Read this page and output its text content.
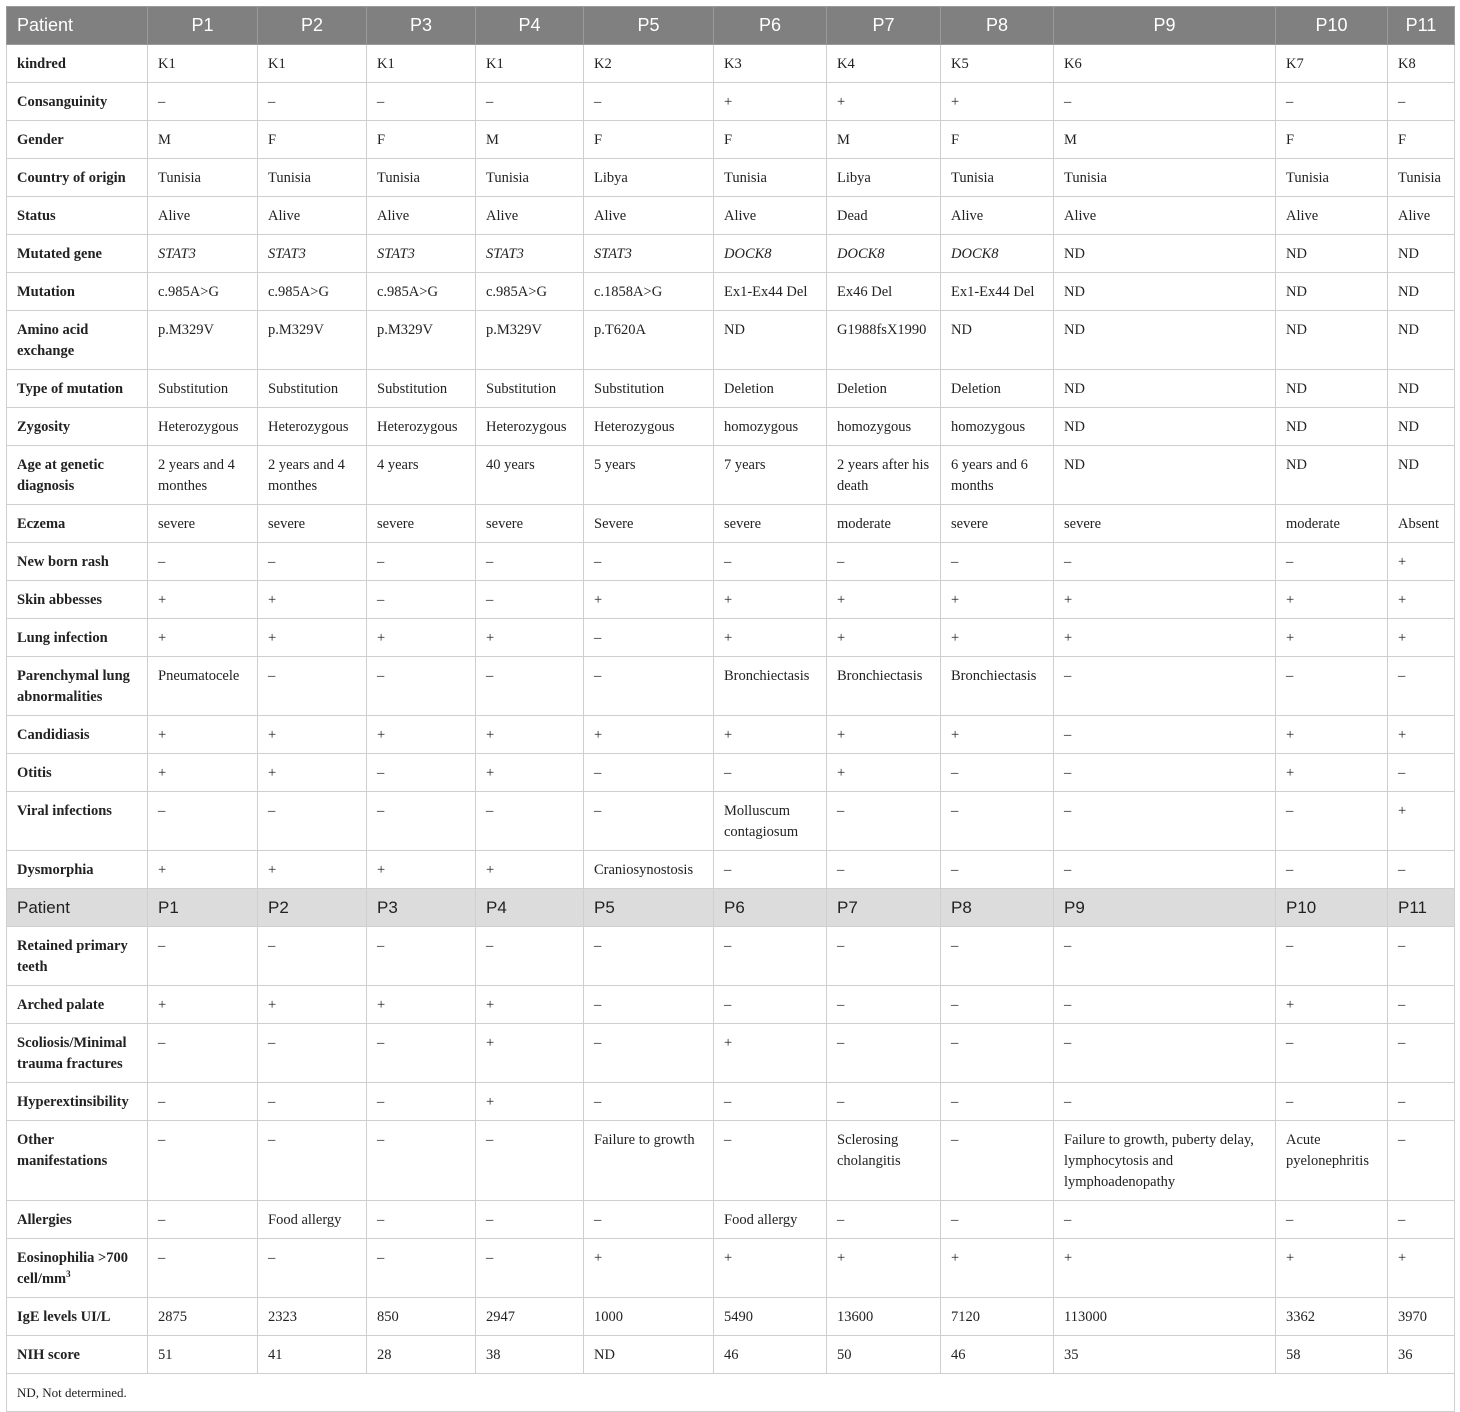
Patient	P1	P2	P3	P4	P5	P6	P7	P8	P9	P10	P11
kindred	K1	K1	K1	K1	K2	K3	K4	K5	K6	K7	K8
Consanguinity	–	–	–	–	–	+	+	+	–	–	–
Gender	M	F	F	M	F	F	M	F	M	F	F
Country of origin	Tunisia	Tunisia	Tunisia	Tunisia	Libya	Tunisia	Libya	Tunisia	Tunisia	Tunisia	Tunisia
Status	Alive	Alive	Alive	Alive	Alive	Alive	Dead	Alive	Alive	Alive	Alive
Mutated gene	STAT3	STAT3	STAT3	STAT3	STAT3	DOCK8	DOCK8	DOCK8	ND	ND	ND
Mutation	c.985A>G	c.985A>G	c.985A>G	c.985A>G	c.1858A>G	Ex1-Ex44 Del	Ex46 Del	Ex1-Ex44 Del	ND	ND	ND
Amino acid exchange	p.M329V	p.M329V	p.M329V	p.M329V	p.T620A	ND	G1988fsX1990	ND	ND	ND	ND
Type of mutation	Substitution	Substitution	Substitution	Substitution	Substitution	Deletion	Deletion	Deletion	ND	ND	ND
Zygosity	Heterozygous	Heterozygous	Heterozygous	Heterozygous	Heterozygous	homozygous	homozygous	homozygous	ND	ND	ND
Age at genetic diagnosis	2 years and 4 monthes	2 years and 4 monthes	4 years	40 years	5 years	7 years	2 years after his death	6 years and 6 months	ND	ND	ND
Eczema	severe	severe	severe	severe	Severe	severe	moderate	severe	severe	moderate	Absent
New born rash	–	–	–	–	–	–	–	–	–	–	+
Skin abbesses	+	+	–	–	+	+	+	+	+	+	+
Lung infection	+	+	+	+	–	+	+	+	+	+	+
Parenchymal lung abnormalities	Pneumatocele	–	–	–	–	Bronchiectasis	Bronchiectasis	Bronchiectasis	–	–	–
Candidiasis	+	+	+	+	+	+	+	+	–	+	+
Otitis	+	+	–	+	–	–	+	–	–	+	–
Viral infections	–	–	–	–	–	Molluscum contagiosum	–	–	–	–	+
Dysmorphia	+	+	+	+	Craniosynostosis	–	–	–	–	–	–
Patient	P1	P2	P3	P4	P5	P6	P7	P8	P9	P10	P11
Retained primary teeth	–	–	–	–	–	–	–	–	–	–	–
Arched palate	+	+	+	+	–	–	–	–	–	+	–
Scoliosis/Minimal trauma fractures	–	–	–	+	–	+	–	–	–	–	–
Hyperextinsibility	–	–	–	+	–	–	–	–	–	–	–
Other manifestations	–	–	–	–	Failure to growth	–	Sclerosing cholangitis	–	Failure to growth, puberty delay, lymphocytosis and lymphoadenopathy	Acute pyelonephritis	–
Allergies	–	Food allergy	–	–	–	Food allergy	–	–	–	–	–
Eosinophilia >700 cell/$mm^3$	–	–	–	–	+	+	+	+	+	+	+
IgE levels UI/L	2875	2323	850	2947	1000	5490	13600	7120	113000	3362	3970
NIH score	51	41	28	38	ND	46	50	46	35	58	36
ND, Not determined.											
